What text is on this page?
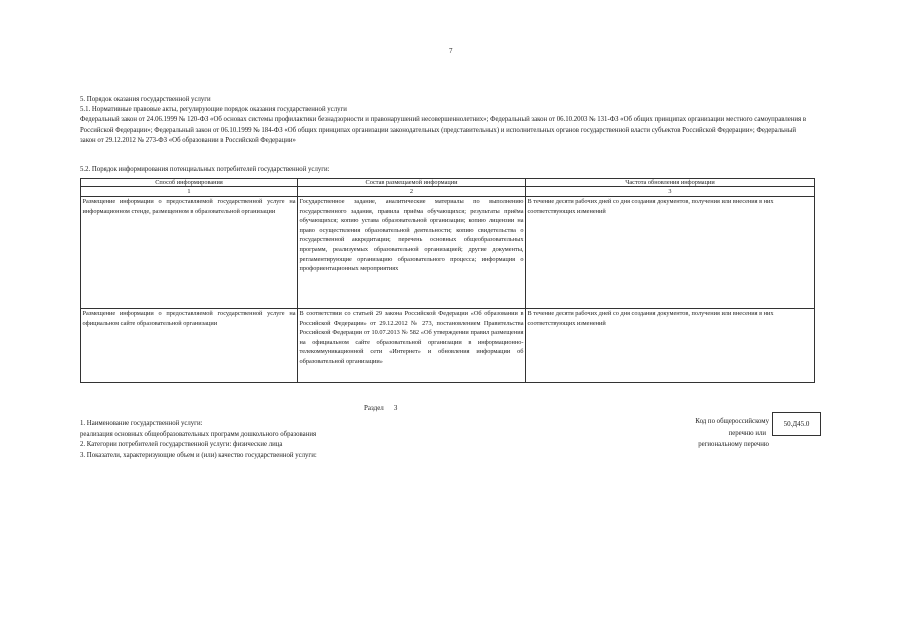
7
5. Порядок оказания государственной услуги
5.1. Нормативные правовые акты, регулирующие порядок оказания государственной услуги
Федеральный закон от 24.06.1999 № 120-ФЗ «Об основах системы профилактики безнадзорности и правонарушений несовершеннолетних»; Федеральный закон от 06.10.2003 № 131-ФЗ «Об общих принципах организации местного самоуправления в Российской Федерации»; Федеральный закон от 06.10.1999 № 184-ФЗ «Об общих принципах организации законодательных (представительных) и исполнительных органов государственной власти субъектов Российской Федерации»; Федеральный закон от 29.12.2012 № 273-ФЗ «Об образовании в Российской Федерации»
5.2. Порядок информирования потенциальных потребителей государственной услуги:
Способ информирования	Состав размещаемой информации	Частота обновления информации
1	2	3
Размещение информации о предоставляемой государственной услуге на информационном стенде, размещенном в образовательной организации	Государственное задание, аналитические материалы по выполнению государственного задания, правила приёма обучающихся; результаты приёма обучающихся; копию устава образовательной организации; копию лицензии на право осуществления образовательной деятельности; копию свидетельства о государственной аккредитации; перечень основных общеобразовательных программ, реализуемых образовательной организацией; другие документы, регламентирующие организацию образовательного процесса; информация о профориентационных мероприятиях	В течение десяти рабочих дней со дня создания документов, получения или внесения в них соответствующих изменений
Размещение информации о предоставляемой государственной услуге на официальном сайте образовательной организации	В соответствии со статьей 29 закона Российской Федерации «Об образовании в Российской Федерации» от 29.12.2012 № 273, постановлением Правительства Российской Федерации от 10.07.2013 № 582 «Об утверждении правил размещения на официальном сайте образовательной организации в информационно-телекоммуникационной сети «Интернет» и обновления информации об образовательной организации»	В течение десяти рабочих дней со дня создания документов, получения или внесения в них соответствующих изменений
Раздел 3
1. Наименование государственной услуги:
реализация основных общеобразовательных программ дошкольного образования
2. Категории потребителей государственной услуги: физические лица
3. Показатели, характеризующие объем и (или) качество государственной услуги:
Код по общероссийскому
перечню или
региональному перечню
50.Д45.0
